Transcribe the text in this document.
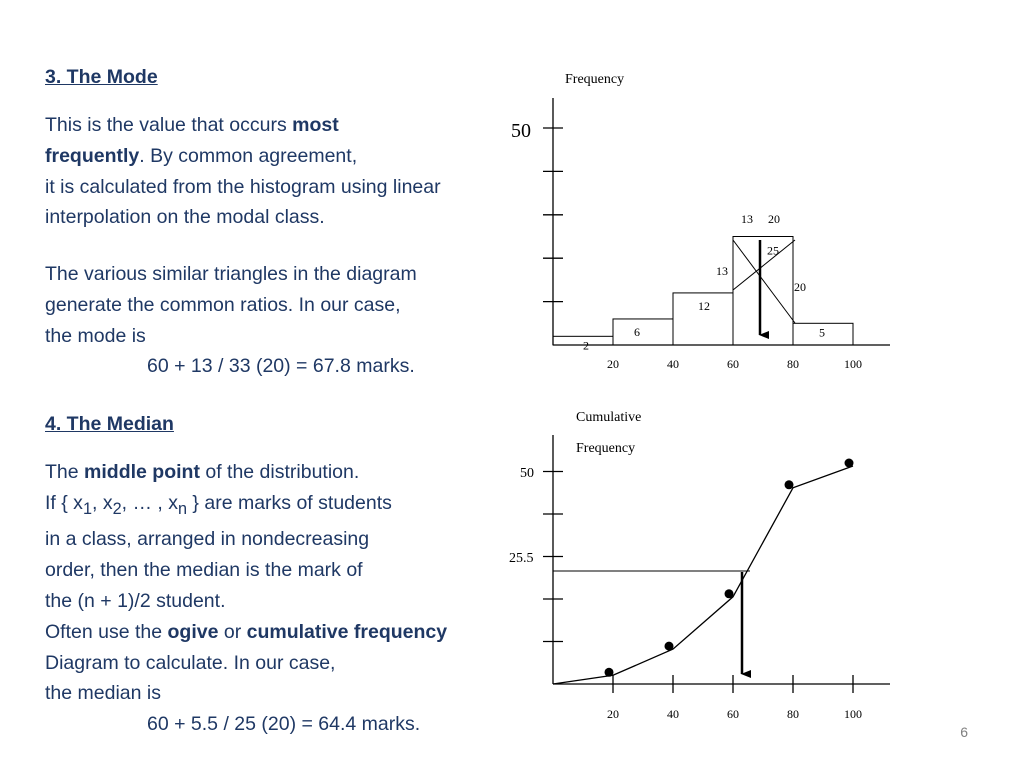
3. The Mode
This is the value that occurs most
frequently. By common agreement,
it is calculated from the histogram using linear
interpolation on the modal class.
The various similar triangles in the diagram
generate the common ratios. In our case,
the mode is
60 + 13 / 33 (20) = 67.8 marks.
4. The Median
The middle point of the distribution.
If { $x_1$, $x_2$, … , $x_n$ } are marks of students
in a class, arranged in nondecreasing
order, then the median is the mark of
the (n + 1)/2 student.
Often use the ogive or cumulative frequency
Diagram to calculate. In our case,
the median is
60 + 5.5 / 25 (20) = 64.4 marks.	6
Frequency
50
20	40	60	80	100
2
6
12
25
5
13 20
13
20
Cumulative
Frequency
50
25.5
20	40	60	80	100
